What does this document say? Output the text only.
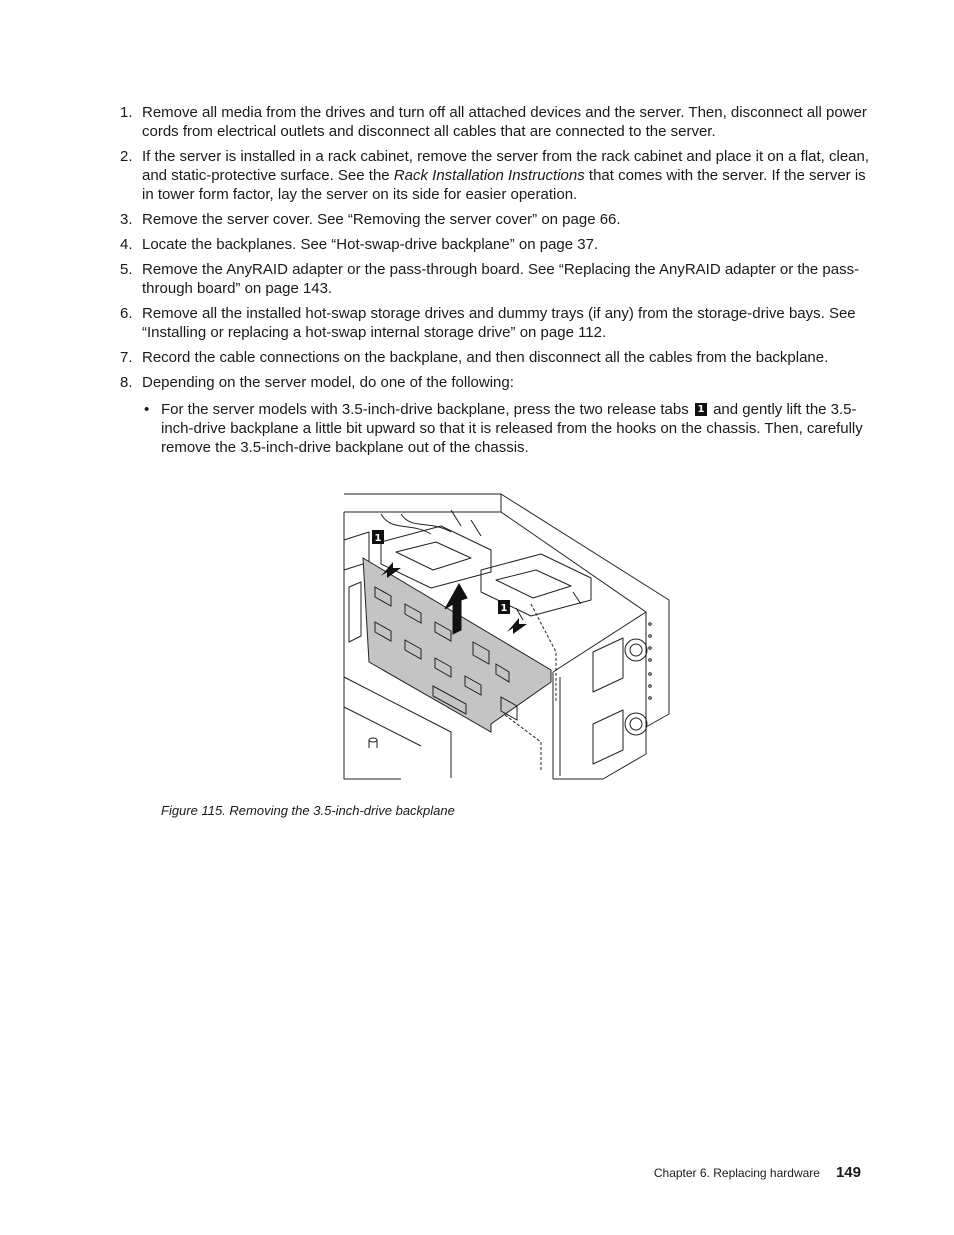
1. Remove all media from the drives and turn off all attached devices and the server. Then, disconnect all power cords from electrical outlets and disconnect all cables that are connected to the server.
2. If the server is installed in a rack cabinet, remove the server from the rack cabinet and place it on a flat, clean, and static-protective surface. See the Rack Installation Instructions that comes with the server. If the server is in tower form factor, lay the server on its side for easier operation.
3. Remove the server cover. See “Removing the server cover” on page 66.
4. Locate the backplanes. See “Hot-swap-drive backplane” on page 37.
5. Remove the AnyRAID adapter or the pass-through board. See “Replacing the AnyRAID adapter or the pass-through board” on page 143.
6. Remove all the installed hot-swap storage drives and dummy trays (if any) from the storage-drive bays. See “Installing or replacing a hot-swap internal storage drive” on page 112.
7. Record the cable connections on the backplane, and then disconnect all the cables from the backplane.
8. Depending on the server model, do one of the following:
• For the server models with 3.5-inch-drive backplane, press the two release tabs 1 and gently lift the 3.5-inch-drive backplane a little bit upward so that it is released from the hooks on the chassis. Then, carefully remove the 3.5-inch-drive backplane out of the chassis.
1
1
Figure 115. Removing the 3.5-inch-drive backplane
Chapter 6. Replacing hardware 149
